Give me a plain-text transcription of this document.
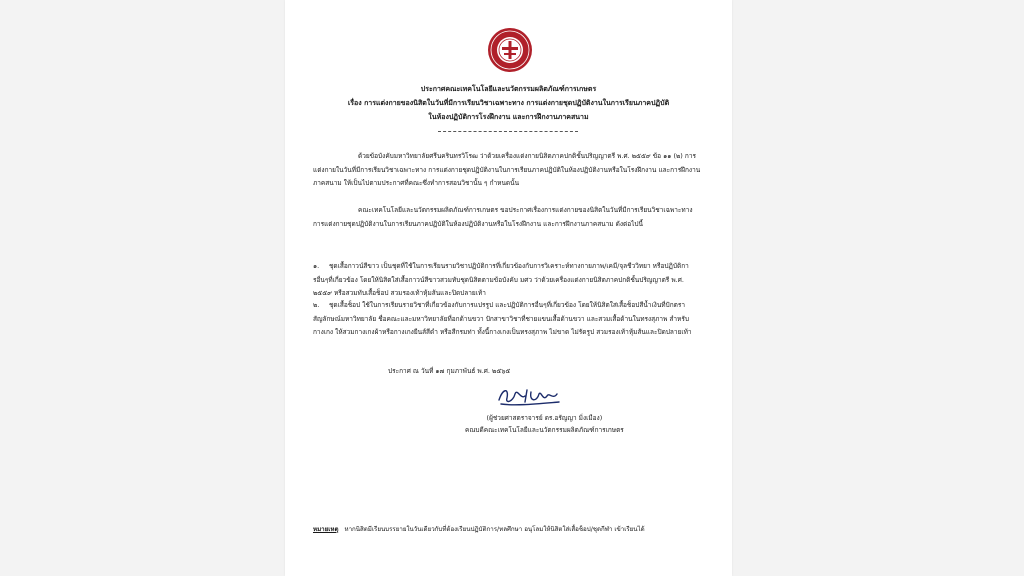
ประกาศคณะเทคโนโลยีและนวัตกรรมผลิตภัณฑ์การเกษตร

เรื่อง การแต่งกายของนิสิตในวันที่มีการเรียนวิชาเฉพาะทาง การแต่งกายชุดปฏิบัติงานในการเรียนภาคปฏิบัติ

ในห้องปฏิบัติการโรงฝึกงาน และการฝึกงานภาคสนาม

ด้วยข้อบังคับมหาวิทยาลัยศรีนครินทรวิโรฒ ว่าด้วยเครื่องแต่งกายนิสิตภาคปกติชั้นปริญญาตรี พ.ศ. ๒๕๕๙ ข้อ ๑๑ (๒) การแต่งกายในวันที่มีการเรียนวิชาเฉพาะทาง การแต่งกายชุดปฏิบัติงานในการเรียนภาคปฏิบัติในห้องปฏิบัติงานหรือในโรงฝึกงาน และการฝึกงานภาคสนาม ให้เป็นไปตามประกาศที่คณะซึ่งทำการสอนวิชานั้น ๆ กำหนดนั้น

คณะเทคโนโลยีและนวัตกรรมผลิตภัณฑ์การเกษตร ขอประกาศเรื่องการแต่งกายของนิสิตในวันที่มีการเรียนวิชาเฉพาะทาง การแต่งกายชุดปฏิบัติงานในการเรียนภาคปฏิบัติในห้องปฏิบัติงานหรือในโรงฝึกงาน และการฝึกงานภาคสนาม ดังต่อไปนี้

๑. ชุดเสื้อกาวน์สีขาว เป็นชุดที่ใช้ในการเรียนรายวิชาปฏิบัติการที่เกี่ยวข้องกับการวิเคราะห์ทางกายภาพ/เคมี/จุลชีววิทยา หรือปฏิบัติการอื่นๆที่เกี่ยวข้อง โดยให้นิสิตใส่เสื้อกาวน์สีขาวสวมทับชุดนิสิตตามข้อบังคับ มศว ว่าด้วยเครื่องแต่งกายนิสิตภาคปกติชั้นปริญญาตรี พ.ศ. ๒๕๕๙ หรือสวมทับเสื้อช็อป สวมรองเท้าหุ้มส้นและปิดปลายเท้า

๒. ชุดเสื้อช็อป ใช้ในการเรียนรายวิชาที่เกี่ยวข้องกับการแปรรูป และปฏิบัติการอื่นๆที่เกี่ยวข้อง โดยให้นิสิตใส่เสื้อช็อปสีน้ำเงินที่ปักตราสัญลักษณ์มหาวิทยาลัย ชื่อคณะและมหาวิทยาลัยที่อกด้านขวา ปักสาขาวิชาที่ชายแขนเสื้อด้านขวา และสวมเสื้อด้านในทรงสุภาพ สำหรับกางเกง ให้สวมกางเกงผ้าหรือกางเกงยีนส์สีดำ หรือสีกรมท่า ทั้งนี้กางเกงเป็นทรงสุภาพ ไม่ขาด ไม่รัดรูป สวมรองเท้าหุ้มส้นและปิดปลายเท้า

ประกาศ ณ วันที่ ๑๗ กุมภาพันธ์ พ.ศ. ๒๕๖๕
(ผู้ช่วยศาสตราจารย์ ดร.อรัญญา มิ่งเมือง)
คณบดีคณะเทคโนโลยีและนวัตกรรมผลิตภัณฑ์การเกษตร
หมายเหตุ หากนิสิตมีเรียนบรรยายในวันเดียวกับที่ต้องเรียนปฏิบัติการ/ทลศึกษา อนุโลมให้นิสิตใส่เสื้อช็อป/ชุดกีฬา เข้าเรียนได้
